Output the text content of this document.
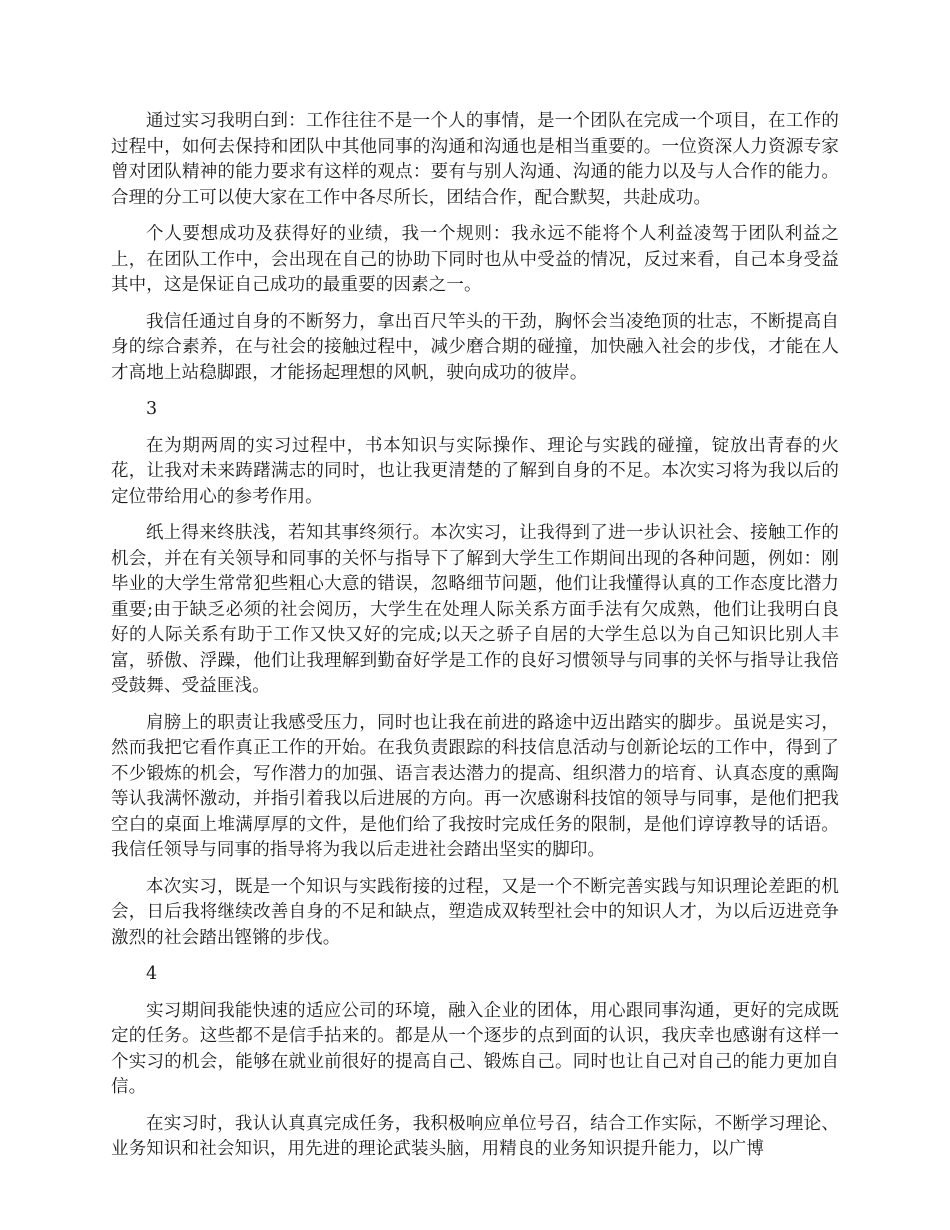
通过实习我明白到：工作往往不是一个人的事情，是一个团队在完成一个项目，在工作的过程中，如何去保持和团队中其他同事的沟通和沟通也是相当重要的。一位资深人力资源专家曾对团队精神的能力要求有这样的观点：要有与别人沟通、沟通的能力以及与人合作的能力。合理的分工可以使大家在工作中各尽所长，团结合作，配合默契，共赴成功。

个人要想成功及获得好的业绩，我一个规则：我永远不能将个人利益凌驾于团队利益之上，在团队工作中，会出现在自己的协助下同时也从中受益的情况，反过来看，自己本身受益其中，这是保证自己成功的最重要的因素之一。

我信任通过自身的不断努力，拿出百尺竿头的干劲，胸怀会当凌绝顶的壮志，不断提高自身的综合素养，在与社会的接触过程中，减少磨合期的碰撞，加快融入社会的步伐，才能在人才高地上站稳脚跟，才能扬起理想的风帆，驶向成功的彼岸。

3

在为期两周的实习过程中，书本知识与实际操作、理论与实践的碰撞，锭放出青春的火花，让我对未来踌躇满志的同时，也让我更清楚的了解到自身的不足。本次实习将为我以后的定位带给用心的参考作用。

纸上得来终肤浅，若知其事终须行。本次实习，让我得到了进一步认识社会、接触工作的机会，并在有关领导和同事的关怀与指导下了解到大学生工作期间出现的各种问题，例如：刚毕业的大学生常常犯些粗心大意的错误，忽略细节问题，他们让我懂得认真的工作态度比潜力重要;由于缺乏必须的社会阅历，大学生在处理人际关系方面手法有欠成熟，他们让我明白良好的人际关系有助于工作又快又好的完成;以天之骄子自居的大学生总以为自己知识比别人丰富，骄傲、浮躁，他们让我理解到勤奋好学是工作的良好习惯领导与同事的关怀与指导让我倍受鼓舞、受益匪浅。

肩膀上的职责让我感受压力，同时也让我在前进的路途中迈出踏实的脚步。虽说是实习，然而我把它看作真正工作的开始。在我负责跟踪的科技信息活动与创新论坛的工作中，得到了不少锻炼的机会，写作潜力的加强、语言表达潜力的提高、组织潜力的培育、认真态度的熏陶等认我满怀激动，并指引着我以后进展的方向。再一次感谢科技馆的领导与同事，是他们把我空白的桌面上堆满厚厚的文件，是他们给了我按时完成任务的限制，是他们谆谆教导的话语。我信任领导与同事的指导将为我以后走进社会踏出坚实的脚印。

本次实习，既是一个知识与实践衔接的过程，又是一个不断完善实践与知识理论差距的机会，日后我将继续改善自身的不足和缺点，塑造成双转型社会中的知识人才，为以后迈进竞争激烈的社会踏出铿锵的步伐。

4

实习期间我能快速的适应公司的环境，融入企业的团体，用心跟同事沟通，更好的完成既定的任务。这些都不是信手拈来的。都是从一个逐步的点到面的认识，我庆幸也感谢有这样一个实习的机会，能够在就业前很好的提高自己、锻炼自己。同时也让自己对自己的能力更加自信。

在实习时，我认认真真完成任务，我积极响应单位号召，结合工作实际，不断学习理论、业务知识和社会知识，用先进的理论武装头脑，用精良的业务知识提升能力，以广博
